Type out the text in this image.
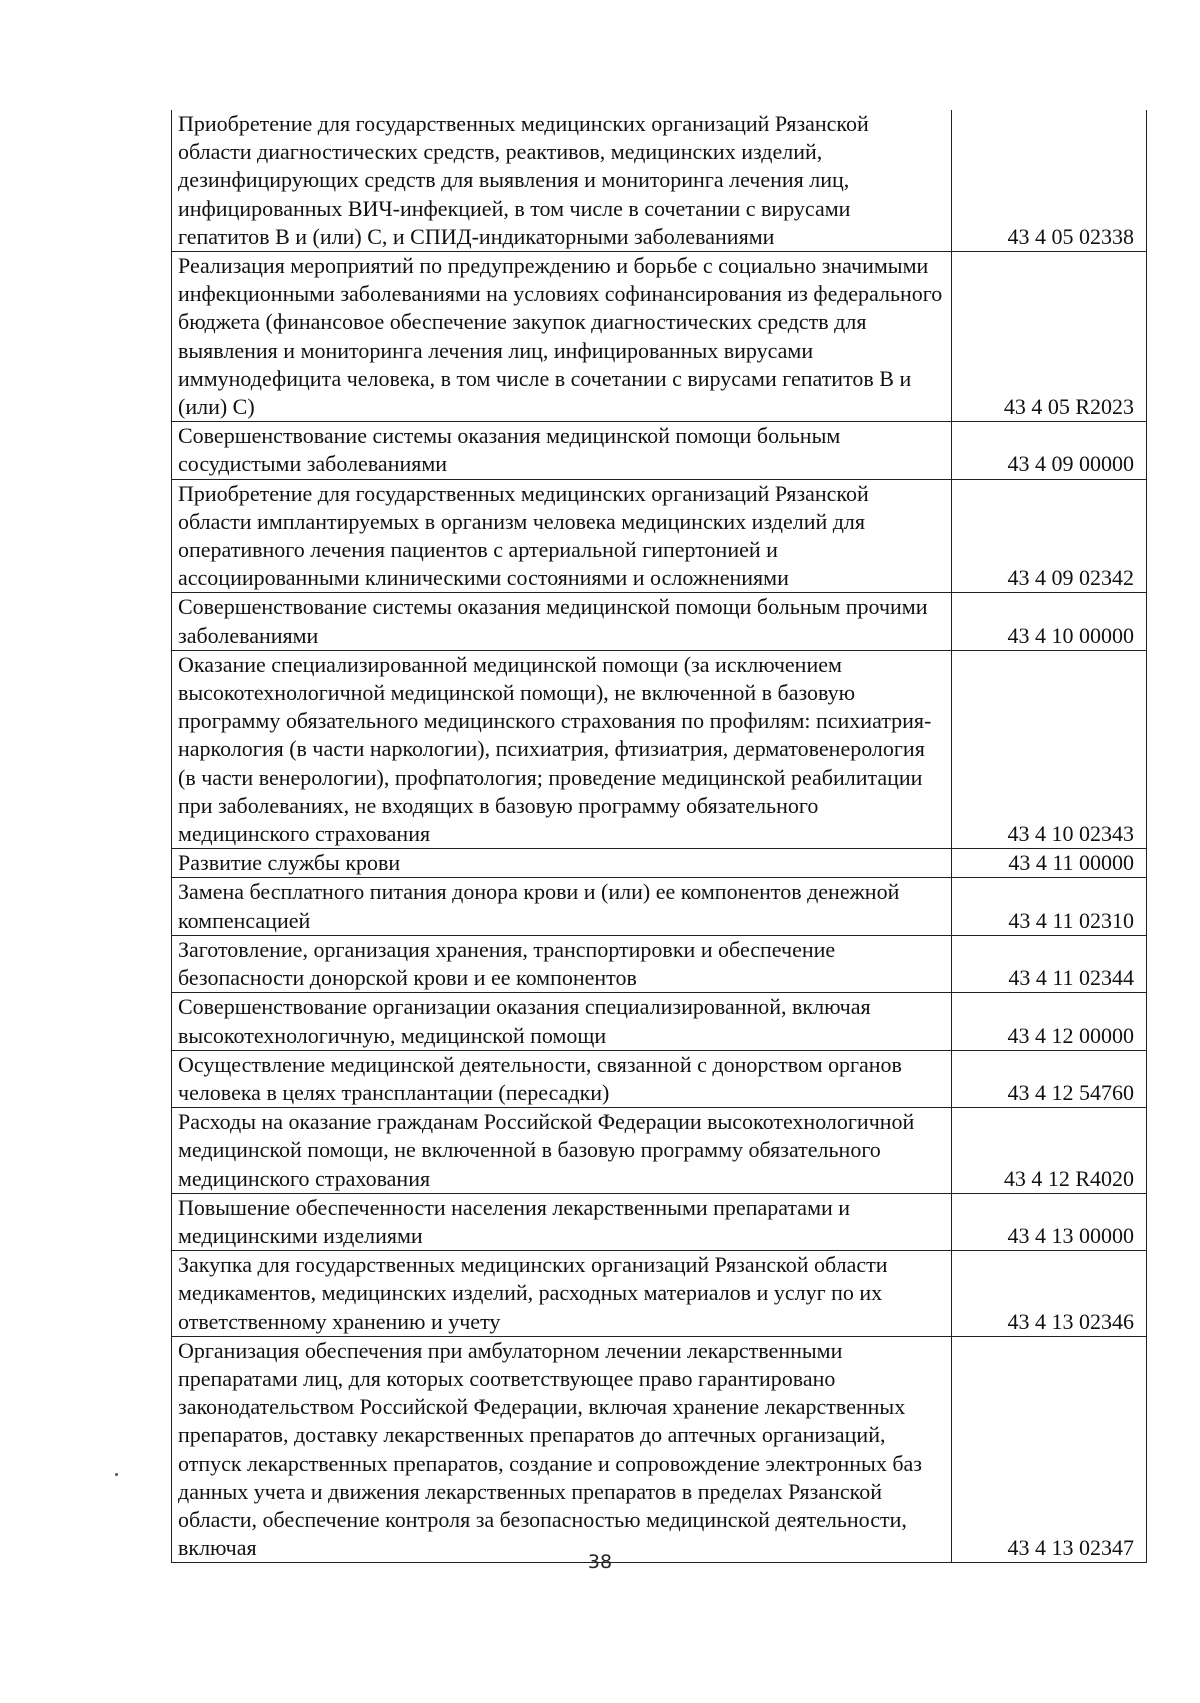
Приобретение для государственных медицинских организаций Рязанской области диагностических средств, реактивов, медицинских изделий, дезинфицирующих средств для выявления и мониторинга лечения лиц, инфицированных ВИЧ-инфекцией, в том числе в сочетании с вирусами гепатитов В и (или) С, и СПИД-индикаторными заболеваниями	43 4 05 02338

Реализация мероприятий по предупреждению и борьбе с социально значимыми инфекционными заболеваниями на условиях софинансирования из федерального бюджета (финансовое обеспечение закупок диагностических средств для выявления и мониторинга лечения лиц, инфицированных вирусами иммунодефицита человека, в том числе в сочетании с вирусами гепатитов В и (или) С)	43 4 05 R2023

Совершенствование системы оказания медицинской помощи больным сосудистыми заболеваниями	43 4 09 00000

Приобретение для государственных медицинских организаций Рязанской области имплантируемых в организм человека медицинских изделий для оперативного лечения пациентов с артериальной гипертонией и ассоциированными клиническими состояниями и осложнениями	43 4 09 02342

Совершенствование системы оказания медицинской помощи больным прочими заболеваниями	43 4 10 00000

Оказание специализированной медицинской помощи (за исключением высокотехнологичной медицинской помощи), не включенной в базовую программу обязательного медицинского страхования по профилям: психиатрия-наркология (в части наркологии), психиатрия, фтизиатрия, дерматовенерология (в части венерологии), профпатология; проведение медицинской реабилитации при заболеваниях, не входящих в базовую программу обязательного медицинского страхования	43 4 10 02343

Развитие службы крови	43 4 11 00000

Замена бесплатного питания донора крови и (или) ее компонентов денежной компенсацией	43 4 11 02310

Заготовление, организация хранения, транспортировки и обеспечение безопасности донорской крови и ее компонентов	43 4 11 02344

Совершенствование организации оказания специализированной, включая высокотехнологичную, медицинской помощи	43 4 12 00000

Осуществление медицинской деятельности, связанной с донорством органов человека в целях трансплантации (пересадки)	43 4 12 54760

Расходы на оказание гражданам Российской Федерации высокотехнологичной медицинской помощи, не включенной в базовую программу обязательного медицинского страхования	43 4 12 R4020

Повышение обеспеченности населения лекарственными препаратами и медицинскими изделиями	43 4 13 00000

Закупка для государственных медицинских организаций Рязанской области медикаментов, медицинских изделий, расходных материалов и услуг по их ответственному хранению и учету	43 4 13 02346

Организация обеспечения при амбулаторном лечении лекарственными препаратами лиц, для которых соответствующее право гарантировано законодательством Российской Федерации, включая хранение лекарственных препаратов, доставку лекарственных препаратов до аптечных организаций, отпуск лекарственных препаратов, создание и сопровождение электронных баз данных учета и движения лекарственных препаратов в пределах Рязанской области, обеспечение контроля за безопасностью медицинской деятельности, включая	43 4 13 02347
38
